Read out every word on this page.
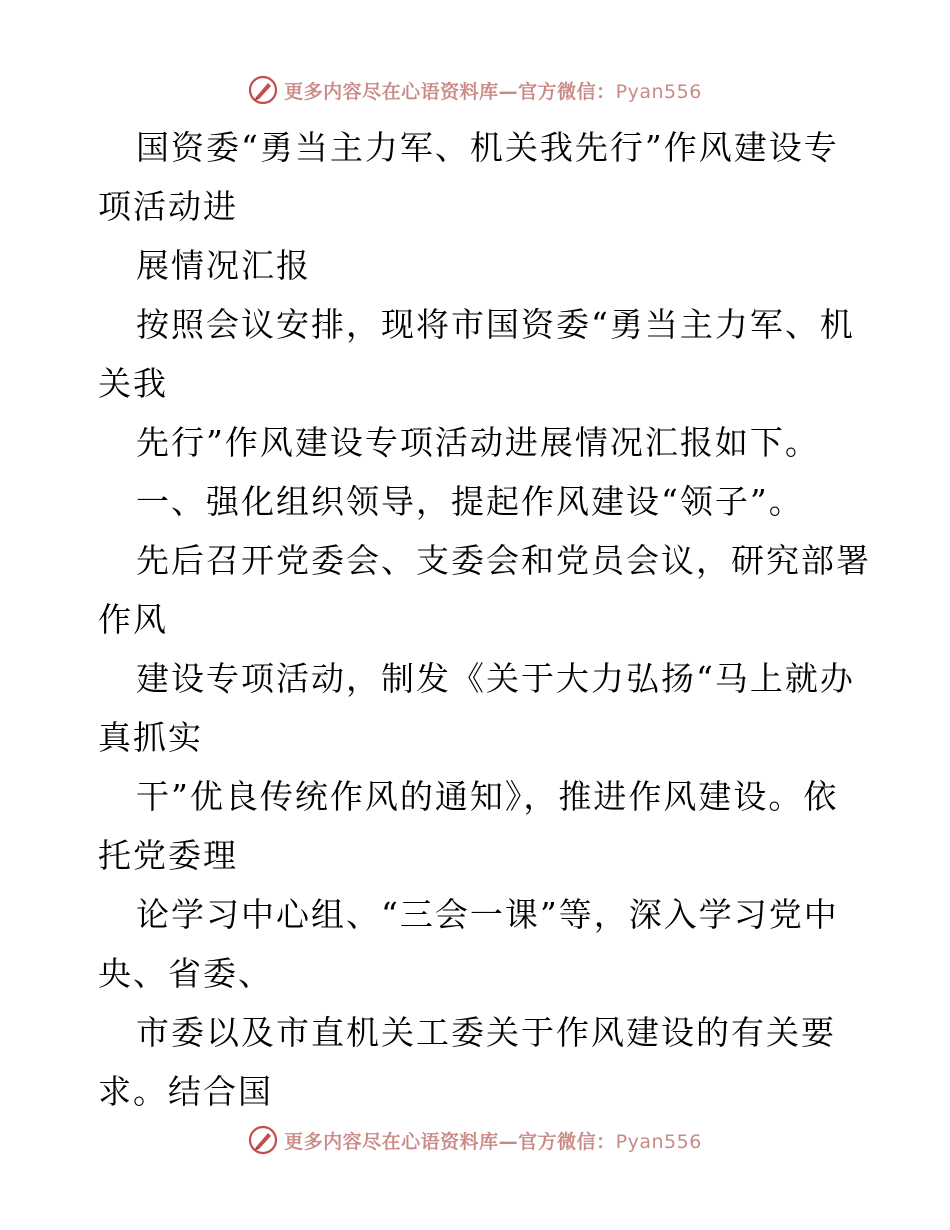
更多内容尽在心语资料库—官方微信：Pyan556
国资委“勇当主力军、机关我先行”作风建设专
项活动进
展情况汇报
按照会议安排，现将市国资委“勇当主力军、机
关我
先行”作风建设专项活动进展情况汇报如下。
一、强化组织领导，提起作风建设“领子”。
先后召开党委会、支委会和党员会议，研究部署
作风
建设专项活动，制发《关于大力弘扬“马上就办
真抓实
干”优良传统作风的通知》，推进作风建设。依
托党委理
论学习中心组、“三会一课”等，深入学习党中
央、省委、
市委以及市直机关工委关于作风建设的有关要
求。结合国
更多内容尽在心语资料库—官方微信：Pyan556
